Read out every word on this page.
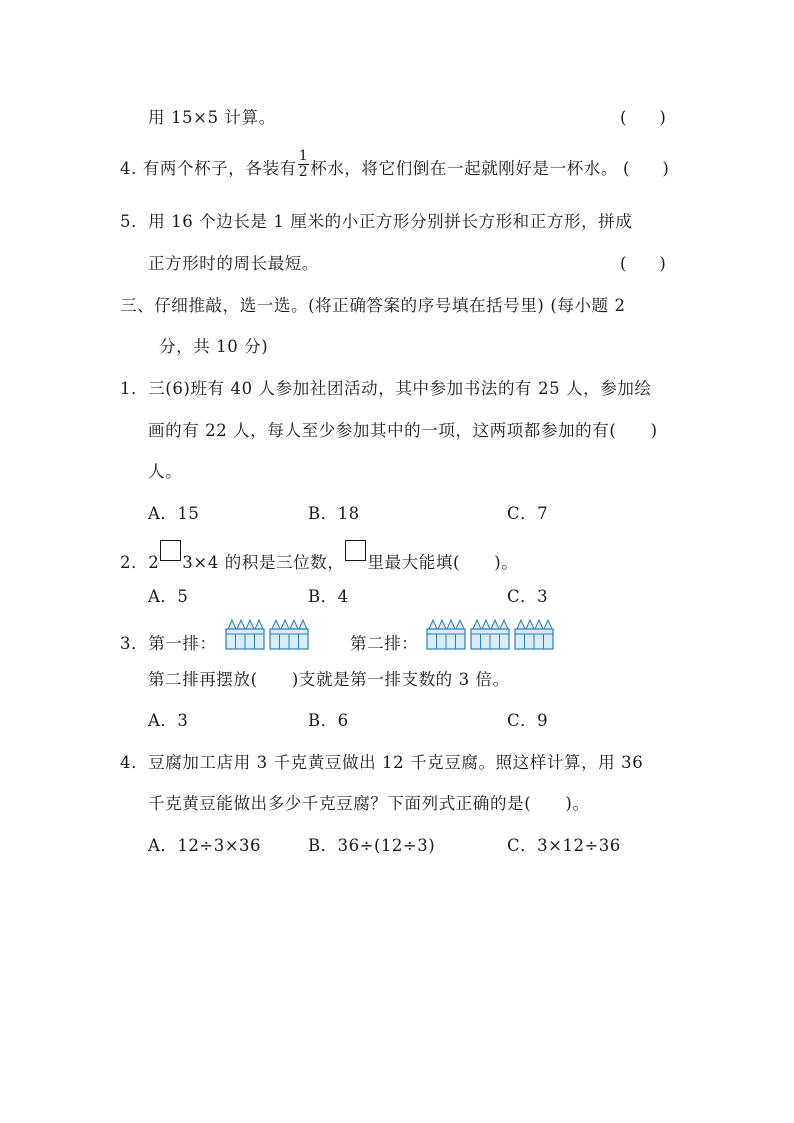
用 15×5 计算。	(　　)
4. 有两个杯子，各装有 $\frac{1}{2}$ 杯水，将它们倒在一起就刚好是一杯水。 (　　)
5．用 16 个边长是 1 厘米的小正方形分别拼长方形和正方形，拼成
正方形时的周长最短。	(　　)
三、仔细推敲，选一选。(将正确答案的序号填在括号里) (每小题 2
分，共 10 分)
1．三(6)班有 40 人参加社团活动，其中参加书法的有 25 人，参加绘
画的有 22 人，每人至少参加其中的一项，这两项都参加的有(　　)
人。
A．15	B．18	C．7
2．2 3×4 的积是三位数， 里最大能填(　　)。
A．5	B．4	C．3
3．第一排：	第二排：
第二排再摆放(　　)支就是第一排支数的 3 倍。
A．3	B．6	C．9
4．豆腐加工店用 3 千克黄豆做出 12 千克豆腐。照这样计算，用 36
千克黄豆能做出多少千克豆腐？下面列式正确的是(　　)。
A．12÷3×36	B．36÷(12÷3)	C．3×12÷36
